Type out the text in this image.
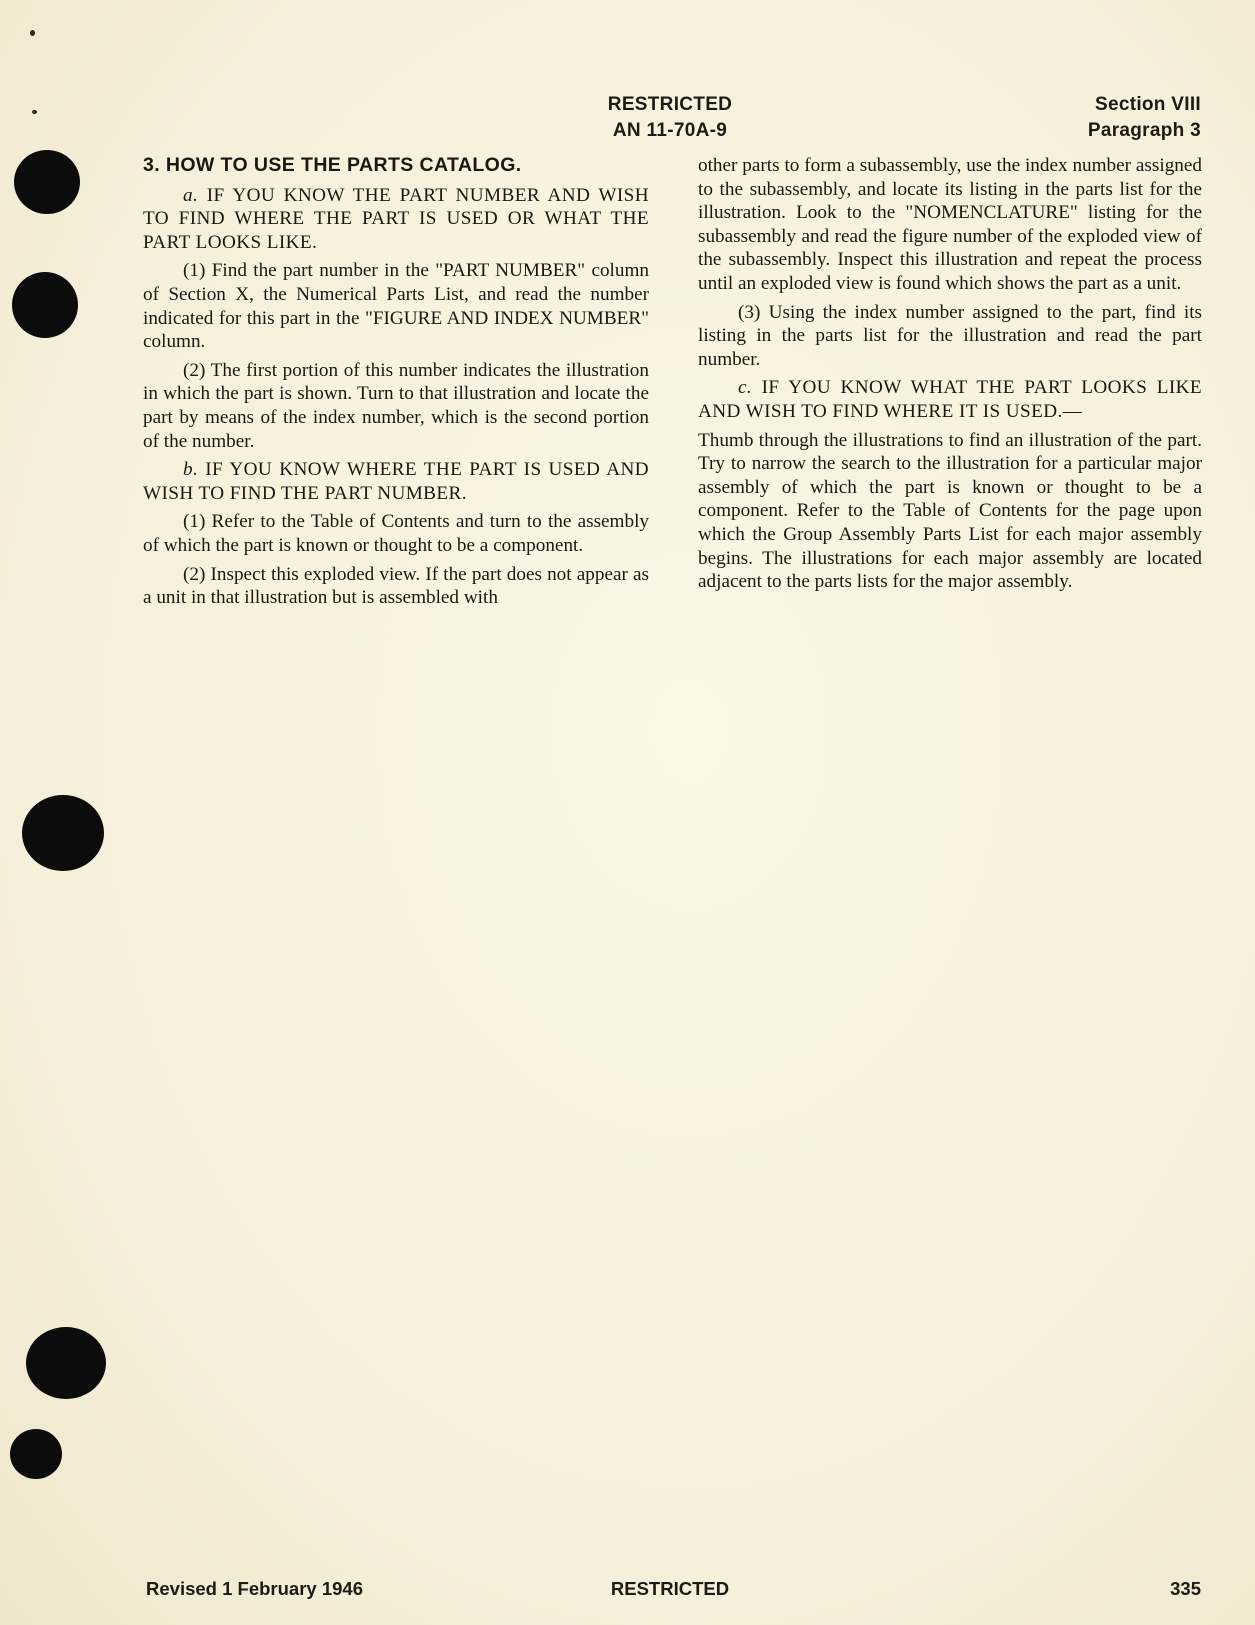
RESTRICTED
AN 11-70A-9
Section VIII
Paragraph 3

3. HOW TO USE THE PARTS CATALOG.

a. IF YOU KNOW THE PART NUMBER AND WISH TO FIND WHERE THE PART IS USED OR WHAT THE PART LOOKS LIKE.

(1) Find the part number in the "PART NUMBER" column of Section X, the Numerical Parts List, and read the number indicated for this part in the "FIGURE AND INDEX NUMBER" column.

(2) The first portion of this number indicates the illustration in which the part is shown. Turn to that illustration and locate the part by means of the index number, which is the second portion of the number.

b. IF YOU KNOW WHERE THE PART IS USED AND WISH TO FIND THE PART NUMBER.

(1) Refer to the Table of Contents and turn to the assembly of which the part is known or thought to be a component.

(2) Inspect this exploded view. If the part does not appear as a unit in that illustration but is assembled with

other parts to form a subassembly, use the index number assigned to the subassembly, and locate its listing in the parts list for the illustration. Look to the "NOMENCLATURE" listing for the subassembly and read the figure number of the exploded view of the subassembly. Inspect this illustration and repeat the process until an exploded view is found which shows the part as a unit.

(3) Using the index number assigned to the part, find its listing in the parts list for the illustration and read the part number.

c. IF YOU KNOW WHAT THE PART LOOKS LIKE AND WISH TO FIND WHERE IT IS USED.—

Thumb through the illustrations to find an illustration of the part. Try to narrow the search to the illustration for a particular major assembly of which the part is known or thought to be a component. Refer to the Table of Contents for the page upon which the Group Assembly Parts List for each major assembly begins. The illustrations for each major assembly are located adjacent to the parts lists for the major assembly.

Revised 1 February 1946	RESTRICTED	335
